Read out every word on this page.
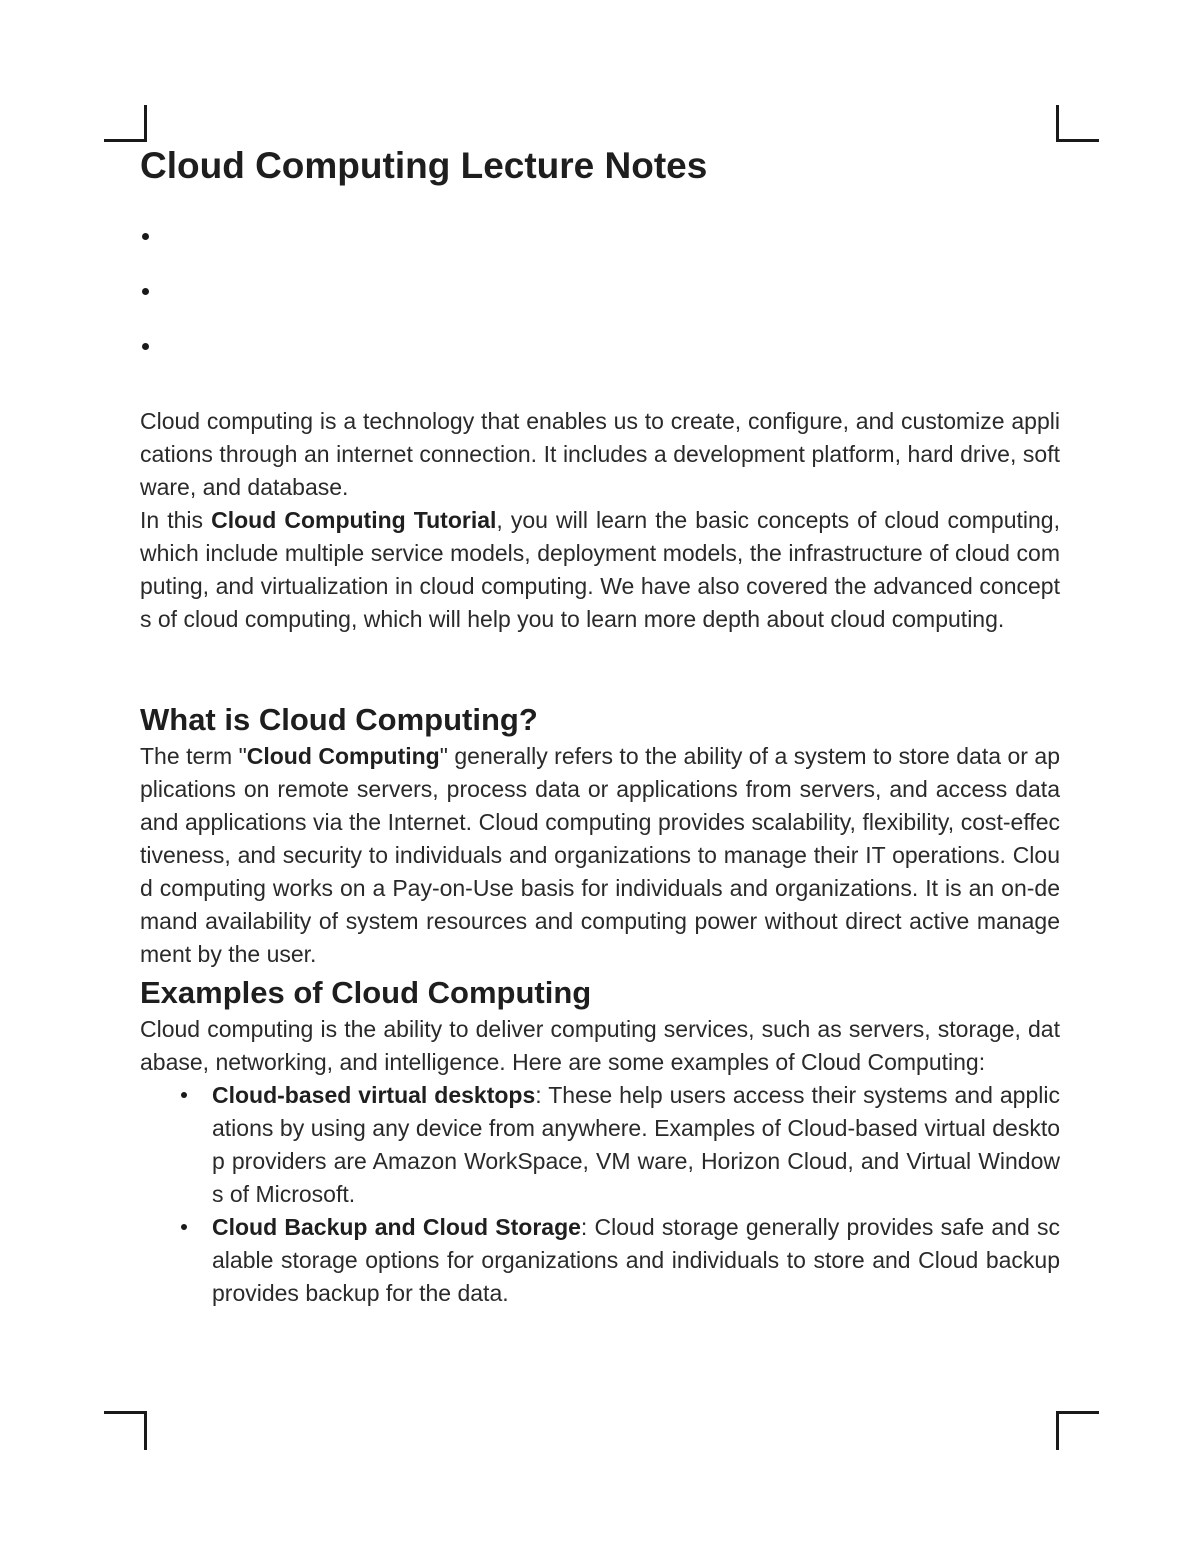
Cloud Computing Lecture Notes

Cloud computing is a technology that enables us to create, configure, and customize applications through an internet connection. It includes a development platform, hard drive, software, and database.

In this Cloud Computing Tutorial, you will learn the basic concepts of cloud computing, which include multiple service models, deployment models, the infrastructure of cloud computing, and virtualization in cloud computing. We have also covered the advanced concepts of cloud computing, which will help you to learn more depth about cloud computing.

What is Cloud Computing?

The term "Cloud Computing" generally refers to the ability of a system to store data or applications on remote servers, process data or applications from servers, and access data and applications via the Internet. Cloud computing provides scalability, flexibility, cost-effectiveness, and security to individuals and organizations to manage their IT operations. Cloud computing works on a Pay-on-Use basis for individuals and organizations. It is an on-demand availability of system resources and computing power without direct active management by the user.

Examples of Cloud Computing

Cloud computing is the ability to deliver computing services, such as servers, storage, database, networking, and intelligence. Here are some examples of Cloud Computing:

Cloud-based virtual desktops: These help users access their systems and applications by using any device from anywhere. Examples of Cloud-based virtual desktop providers are Amazon WorkSpace, VM ware, Horizon Cloud, and Virtual Windows of Microsoft.
Cloud Backup and Cloud Storage: Cloud storage generally provides safe and scalable storage options for organizations and individuals to store and Cloud backup provides backup for the data.
